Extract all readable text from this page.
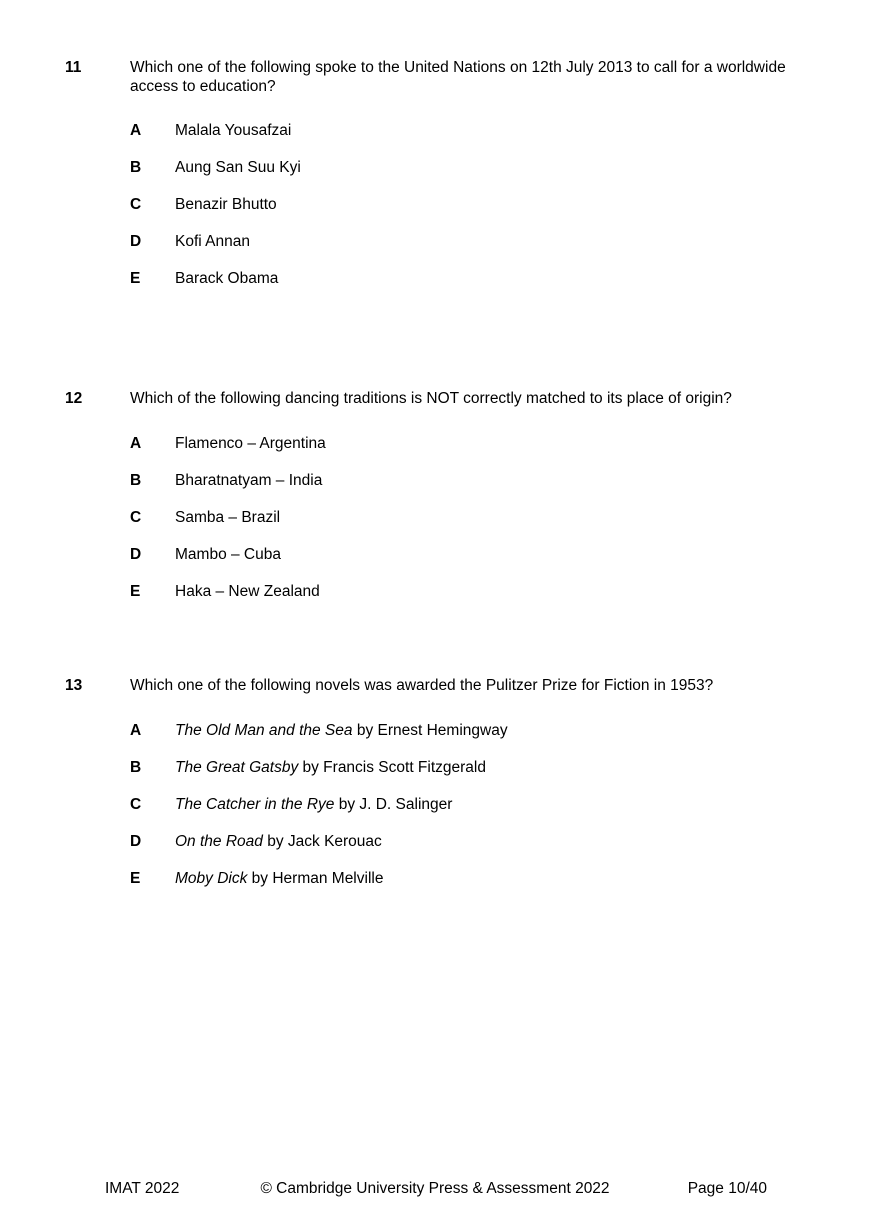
11	Which one of the following spoke to the United Nations on 12th July 2013 to call for a worldwide access to education?
A Malala Yousafzai
B Aung San Suu Kyi
C Benazir Bhutto
D Kofi Annan
E Barack Obama
12	Which of the following dancing traditions is NOT correctly matched to its place of origin?
A Flamenco – Argentina
B Bharatnatyam – India
C Samba – Brazil
D Mambo – Cuba
E Haka – New Zealand
13	Which one of the following novels was awarded the Pulitzer Prize for Fiction in 1953?
A The Old Man and the Sea by Ernest Hemingway
B The Great Gatsby by Francis Scott Fitzgerald
C The Catcher in the Rye by J. D. Salinger
D On the Road by Jack Kerouac
E Moby Dick by Herman Melville
IMAT 2022	© Cambridge University Press & Assessment 2022	Page 10/40
